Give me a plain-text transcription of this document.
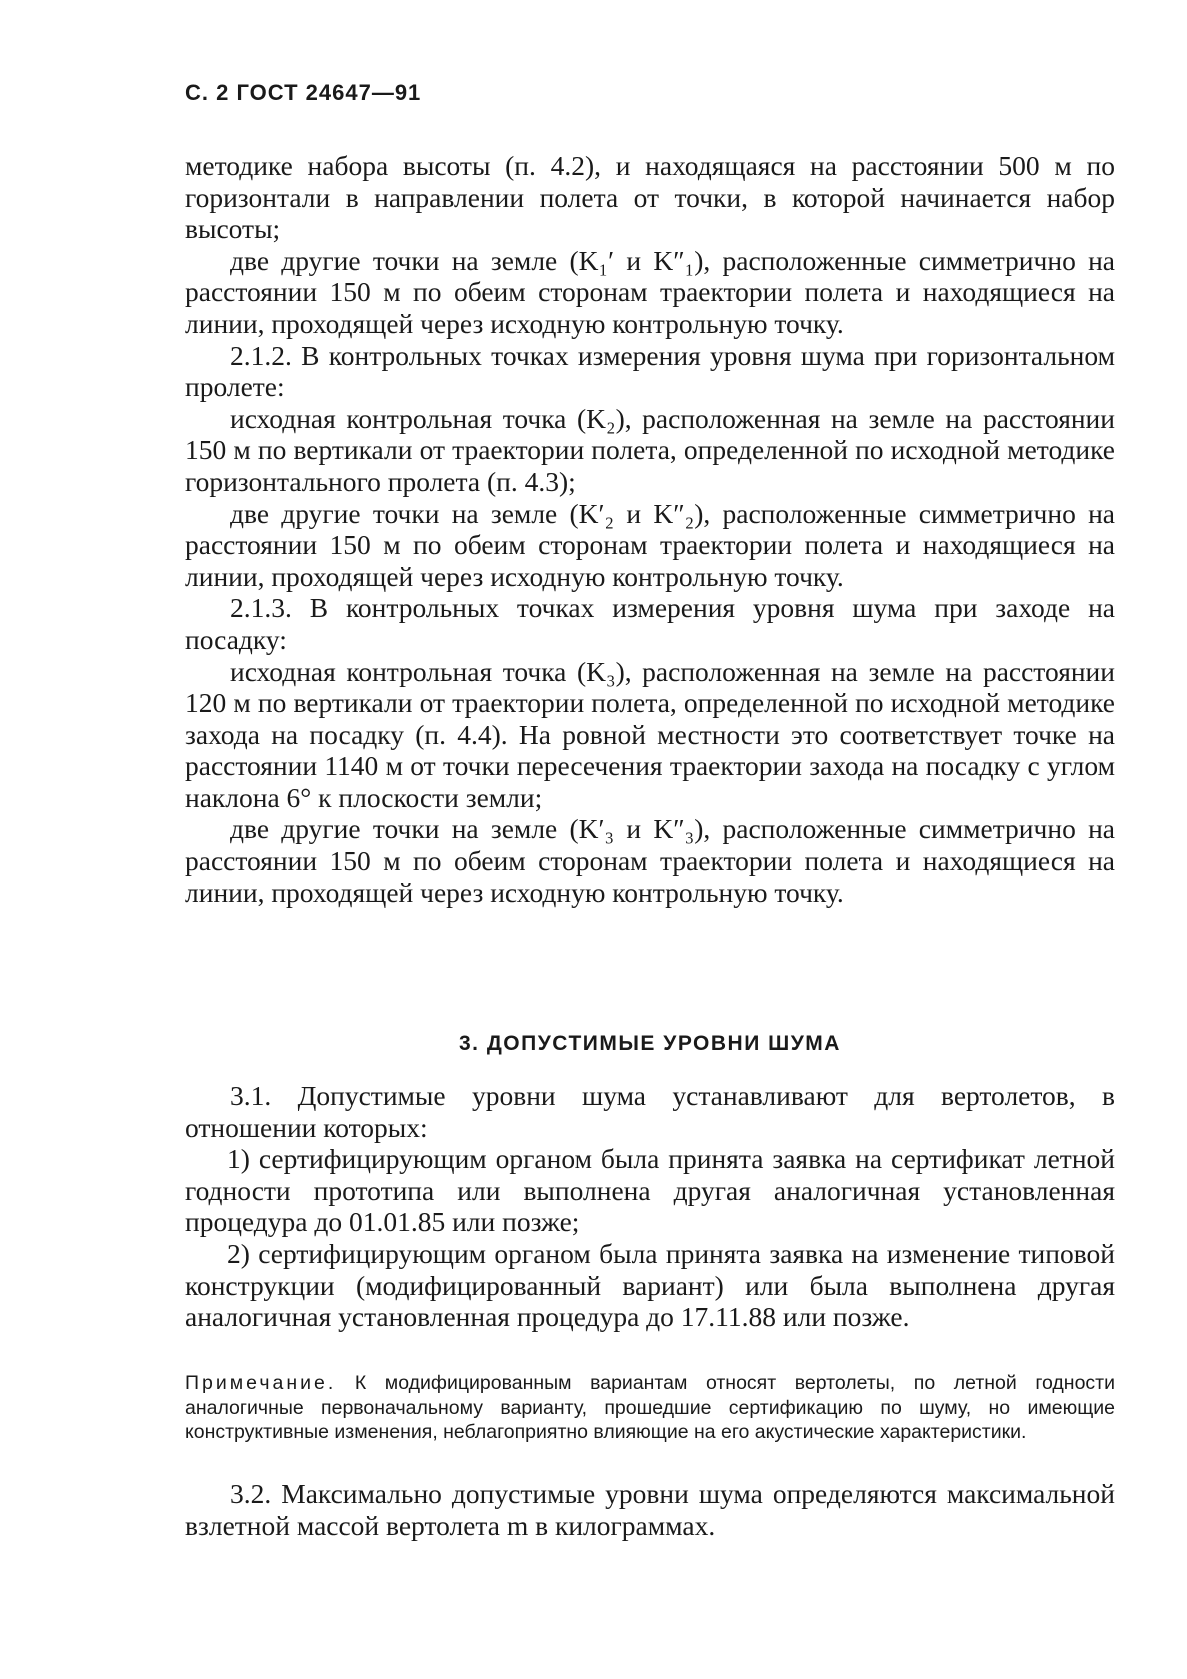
С. 2 ГОСТ 24647—91

методике набора высоты (п. 4.2), и находящаяся на расстоянии 500 м по горизонтали в направлении полета от точки, в которой начинается набор высоты;

две другие точки на земле (K₁′ и K″₁), расположенные симметрично на расстоянии 150 м по обеим сторонам траектории полета и находящиеся на линии, проходящей через исходную контрольную точку.

2.1.2. В контрольных точках измерения уровня шума при горизонтальном пролете:

исходная контрольная точка (K₂), расположенная на земле на расстоянии 150 м по вертикали от траектории полета, определенной по исходной методике горизонтального пролета (п. 4.3);

две другие точки на земле (K′₂ и K″₂), расположенные симметрично на расстоянии 150 м по обеим сторонам траектории полета и находящиеся на линии, проходящей через исходную контрольную точку.

2.1.3. В контрольных точках измерения уровня шума при заходе на посадку:

исходная контрольная точка (K₃), расположенная на земле на расстоянии 120 м по вертикали от траектории полета, определенной по исходной методике захода на посадку (п. 4.4). На ровной местности это соответствует точке на расстоянии 1140 м от точки пересечения траектории захода на посадку с углом наклона 6° к плоскости земли;

две другие точки на земле (K′₃ и K″₃), расположенные симметрично на расстоянии 150 м по обеим сторонам траектории полета и находящиеся на линии, проходящей через исходную контрольную точку.

3. ДОПУСТИМЫЕ УРОВНИ ШУМА

3.1. Допустимые уровни шума устанавливают для вертолетов, в отношении которых:

1) сертифицирующим органом была принята заявка на сертификат летной годности прототипа или выполнена другая аналогичная установленная процедура до 01.01.85 или позже;

2) сертифицирующим органом была принята заявка на изменение типовой конструкции (модифицированный вариант) или была выполнена другая аналогичная установленная процедура до 17.11.88 или позже.

Примечание. К модифицированным вариантам относят вертолеты, по летной годности аналогичные первоначальному варианту, прошедшие сертификацию по шуму, но имеющие конструктивные изменения, неблагоприятно влияющие на его акустические характеристики.

3.2. Максимально допустимые уровни шума определяются максимальной взлетной массой вертолета m в килограммах.
